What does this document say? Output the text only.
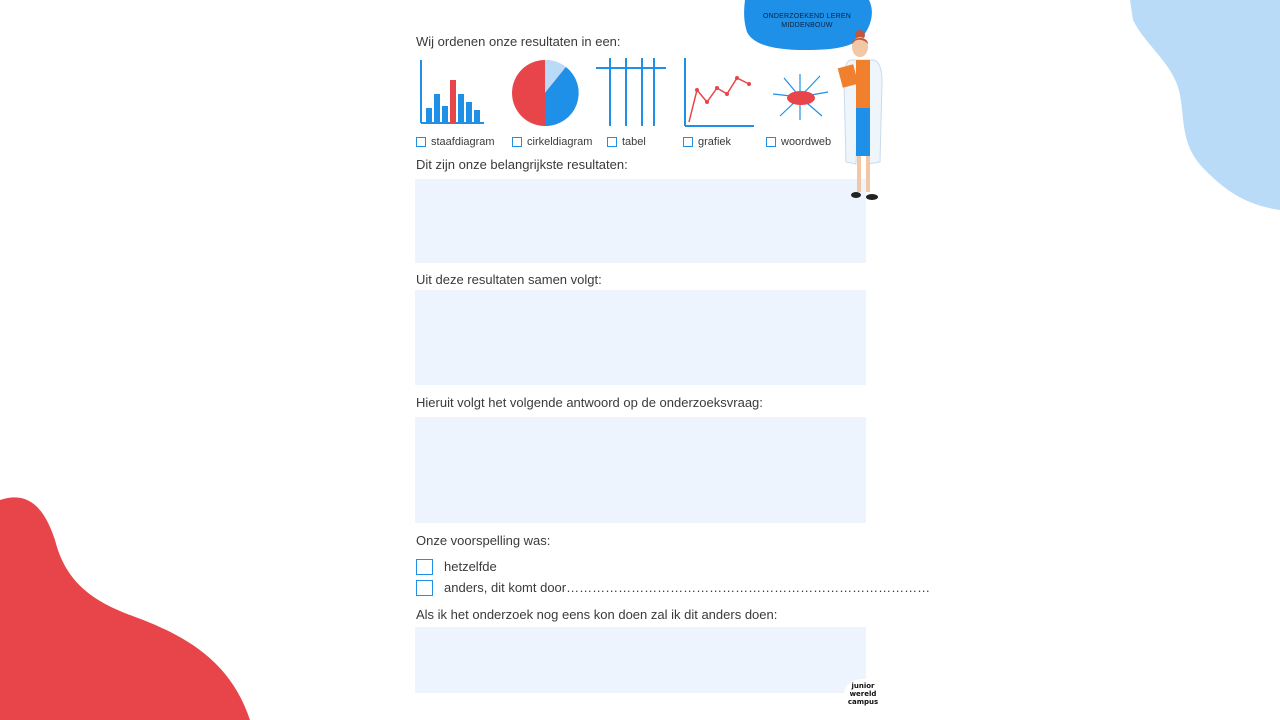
ONDERZOEKEND LEREN
MIDDENBOUW
Wij ordenen onze resultaten in een:
staafdiagram	cirkeldiagram	tabel	grafiek	woordweb
Dit zijn onze belangrijkste resultaten:
Uit deze resultaten samen volgt:
Hieruit volgt het volgende antwoord op de onderzoeksvraag:
Onze voorspelling was:
hetzelfde
anders, dit komt door…………………………………………………………………………
Als ik het onderzoek nog eens kon doen zal ik dit anders doen:
junior
wereld
campus
